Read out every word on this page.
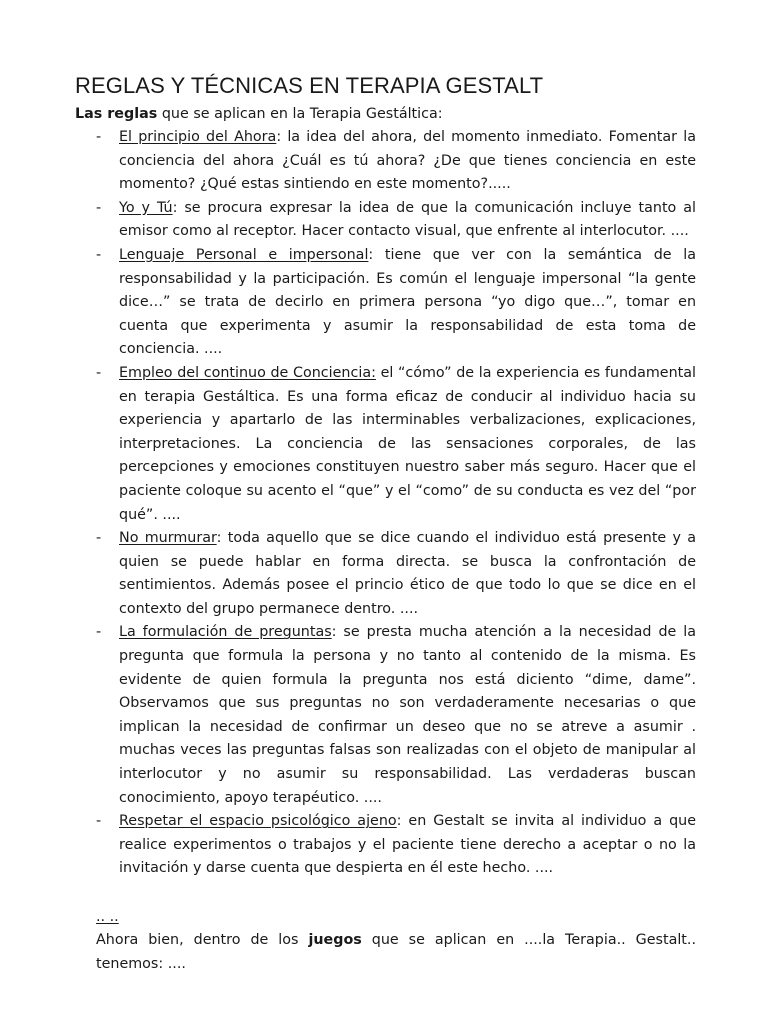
REGLAS Y TÉCNICAS EN TERAPIA GESTALT

Las reglas que se aplican en la Terapia Gestáltica:

- El principio del Ahora: la idea del ahora, del momento inmediato. Fomentar la conciencia del ahora ¿Cuál es tú ahora? ¿De que tienes conciencia en este momento? ¿Qué estas sintiendo en este momento?.....
- Yo y Tú: se procura expresar la idea de que la comunicación incluye tanto al emisor como al receptor. Hacer contacto visual, que enfrente al interlocutor. ....
- Lenguaje Personal e impersonal: tiene que ver con la semántica de la responsabilidad y la participación. Es común el lenguaje impersonal “la gente dice…” se trata de decirlo en primera persona “yo digo que…”, tomar en cuenta que experimenta y asumir la responsabilidad de esta toma de conciencia. ....
- Empleo del continuo de Conciencia: el “cómo” de la experiencia es fundamental en terapia Gestáltica. Es una forma eficaz de conducir al individuo hacia su experiencia y apartarlo de las interminables verbalizaciones, explicaciones, interpretaciones. La conciencia de las sensaciones corporales, de las percepciones y emociones constituyen nuestro saber más seguro. Hacer que el paciente coloque su acento el “que” y el “como” de su conducta es vez del “por qué”. ....
- No murmurar: toda aquello que se dice cuando el individuo está presente y a quien se puede hablar en forma directa. se busca la confrontación de sentimientos. Además posee el princio ético de que todo lo que se dice en el contexto del grupo permanece dentro. ....
- La formulación de preguntas: se presta mucha atención a la necesidad de la pregunta que formula la persona y no tanto al contenido de la misma. Es evidente de quien formula la pregunta nos está diciento “dime, dame”. Observamos que sus preguntas no son verdaderamente necesarias o que implican la necesidad de confirmar un deseo que no se atreve a asumir . muchas veces las preguntas falsas son realizadas con el objeto de manipular al interlocutor y no asumir su responsabilidad. Las verdaderas buscan conocimiento, apoyo terapéutico. ....
- Respetar el espacio psicológico ajeno: en Gestalt se invita al individuo a que realice experimentos o trabajos y el paciente tiene derecho a aceptar o no la invitación y darse cuenta que despierta en él este hecho. ....
.. ..

Ahora bien, dentro de los juegos que se aplican en ....la Terapia.. Gestalt.. tenemos: ....
